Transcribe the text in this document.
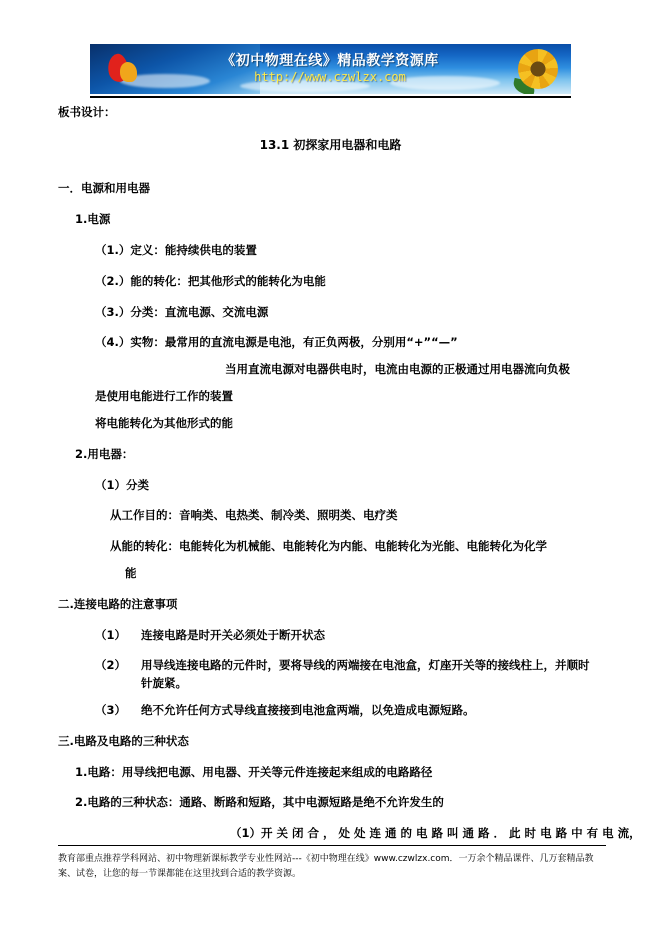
《初中物理在线》精品教学资源库
http://www.czwlzx.com
板书设计：
13.1 初探家用电器和电路
一．电源和用电器
1.电源
（1.）定义：能持续供电的装置
（2.）能的转化：把其他形式的能转化为电能
（3.）分类：直流电源、交流电源
（4.）实物：最常用的直流电源是电池，有正负两极，分别用“+”“—”
当用直流电源对电器供电时，电流由电源的正极通过用电器流向负极
是使用电能进行工作的装置
将电能转化为其他形式的能
2.用电器：
（1）分类
从工作目的：音响类、电热类、制冷类、照明类、电疗类
从能的转化：电能转化为机械能、电能转化为内能、电能转化为光能、电能转化为化学
能
二.连接电路的注意事项
（1）	连接电路是时开关必须处于断开状态
（2）	用导线连接电路的元件时，要将导线的两端接在电池盒，灯座开关等的接线柱上，并顺时针旋紧。
（3）	绝不允许任何方式导线直接接到电池盒两端，以免造成电源短路。
三.电路及电路的三种状态
1.电路：用导线把电源、用电器、开关等元件连接起来组成的电路路径
2.电路的三种状态：通路、断路和短路，其中电源短路是绝不允许发生的
（1）开 关 闭 合 ， 处 处 连 通 的 电 路 叫 通 路 ． 此 时 电 路 中 有 电 流，
教育部重点推荐学科网站、初中物理新课标教学专业性网站---《初中物理在线》www.czwlzx.com．一万余个精品课件、几万套精品教案、试卷，让您的每一节课都能在这里找到合适的教学资源。
